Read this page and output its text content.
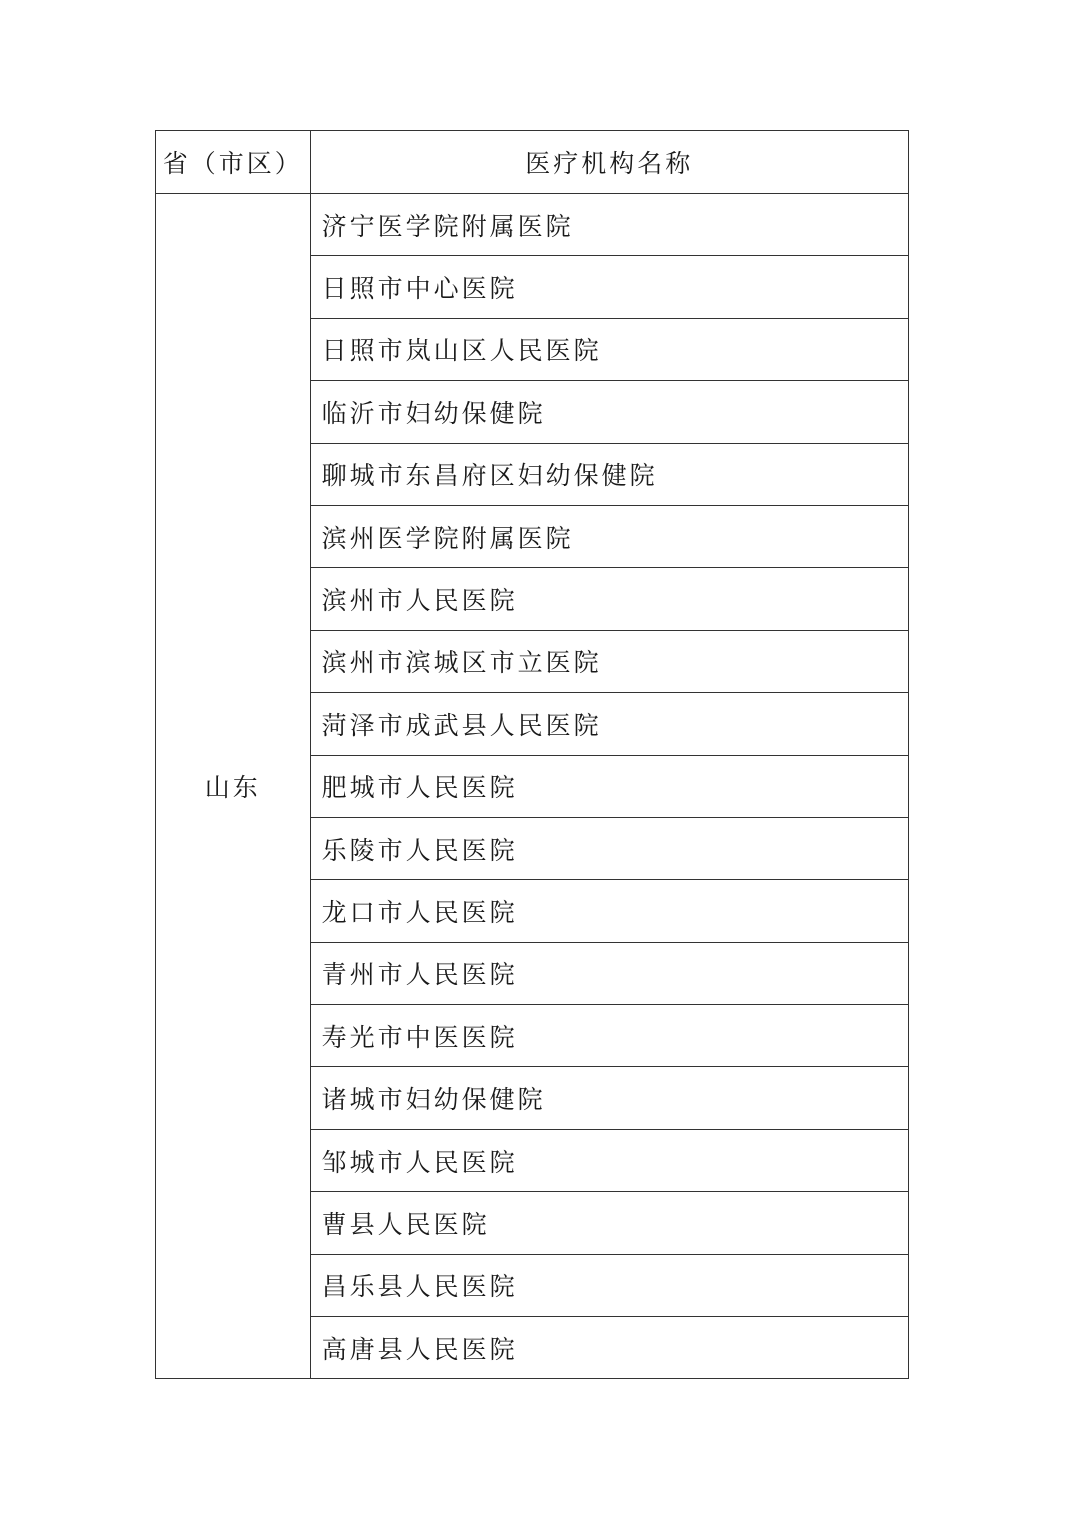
省（市区）	医疗机构名称
山东	济宁医学院附属医院
	日照市中心医院
	日照市岚山区人民医院
	临沂市妇幼保健院
	聊城市东昌府区妇幼保健院
	滨州医学院附属医院
	滨州市人民医院
	滨州市滨城区市立医院
	菏泽市成武县人民医院
	肥城市人民医院
	乐陵市人民医院
	龙口市人民医院
	青州市人民医院
	寿光市中医医院
	诸城市妇幼保健院
	邹城市人民医院
	曹县人民医院
	昌乐县人民医院
	高唐县人民医院
